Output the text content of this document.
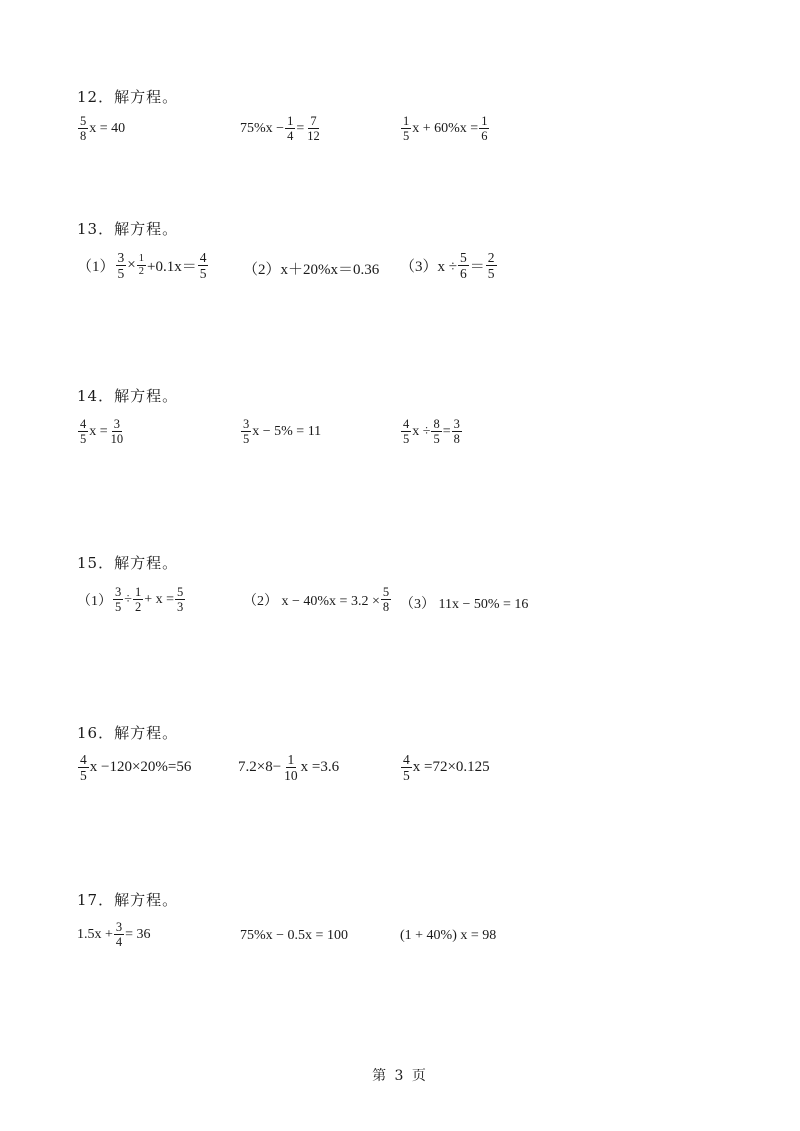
12．解方程。
$\frac{5}{8}$ x = 40	$75\%x - \frac{1}{4} = \frac{7}{12}$	$\frac{1}{5}$ $x + 60\%x = \frac{1}{6}$
13．解方程。
$(1) \frac{3}{5} \times \frac{1}{2} +0.1x= \frac{4}{5} (2)x+20\%x=0.36$ $(3)x \div \frac{5}{6} = \frac{2}{5}$
14．解方程。
$\frac{4}{5}$ $x = \frac{3}{10}$	$\frac{3}{5}$ x − 5% = 11	$\frac{4}{5}$ $x \div \frac{8}{5} = \frac{3}{8}$
15．解方程。
$(1) \frac{3}{5} \div \frac{1}{2} + x = \frac{5}{3}$	（2） $x - 40\%x = 3.2 \times \frac{5}{8} (3) 11x - 50\% = 16$
16．解方程。
$\frac{4}{5}$ x −120×20%=56	$7.2\times 8- \frac{1}{10}$ x =3.6	$\frac{4}{5}$ x =72×0.125
17．解方程。
$1.5x + \frac{3}{4} = 36$	75%x − 0.5x = 100	(1 + 40%) x = 98
第 3 页
